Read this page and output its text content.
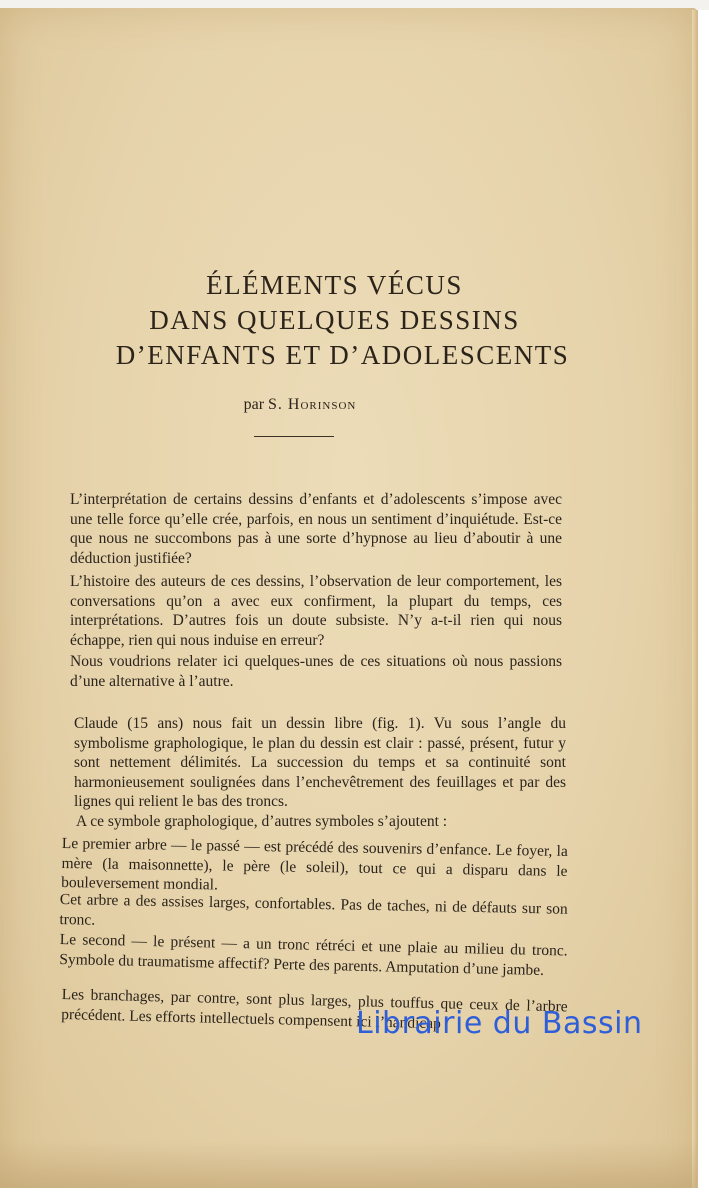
ÉLÉMENTS VÉCUS
DANS QUELQUES DESSINS
D’ENFANTS ET D’ADOLESCENTS
par S. Horinson

L’interprétation de certains dessins d’enfants et d’adolescents s’impose avec une telle force qu’elle crée, parfois, en nous un sentiment d’inquiétude. Est-ce que nous ne succombons pas à une sorte d’hypnose au lieu d’aboutir à une déduction justifiée?

L’histoire des auteurs de ces dessins, l’observation de leur comportement, les conversations qu’on a avec eux confirment, la plupart du temps, ces interprétations. D’autres fois un doute subsiste. N’y a-t-il rien qui nous échappe, rien qui nous induise en erreur?

Nous voudrions relater ici quelques-unes de ces situations où nous passions d’une alternative à l’autre.

Claude (15 ans) nous fait un dessin libre (fig. 1). Vu sous l’angle du symbolisme graphologique, le plan du dessin est clair : passé, présent, futur y sont nettement délimités. La succession du temps et sa continuité sont harmonieusement soulignées dans l’enchevêtrement des feuillages et par des lignes qui relient le bas des troncs.

A ce symbole graphologique, d’autres symboles s’ajoutent :

Le premier arbre — le passé — est précédé des souvenirs d’enfance. Le foyer, la mère (la maisonnette), le père (le soleil), tout ce qui a disparu dans le bouleversement mondial.

Cet arbre a des assises larges, confortables. Pas de taches, ni de défauts sur son tronc.

Le second — le présent — a un tronc rétréci et une plaie au milieu du tronc. Symbole du traumatisme affectif? Perte des parents. Amputation d’une jambe.

Les branchages, par contre, sont plus larges, plus touffus que ceux de l’arbre précédent. Les efforts intellectuels compensent ici l’handicap

Librairie du Bassin
